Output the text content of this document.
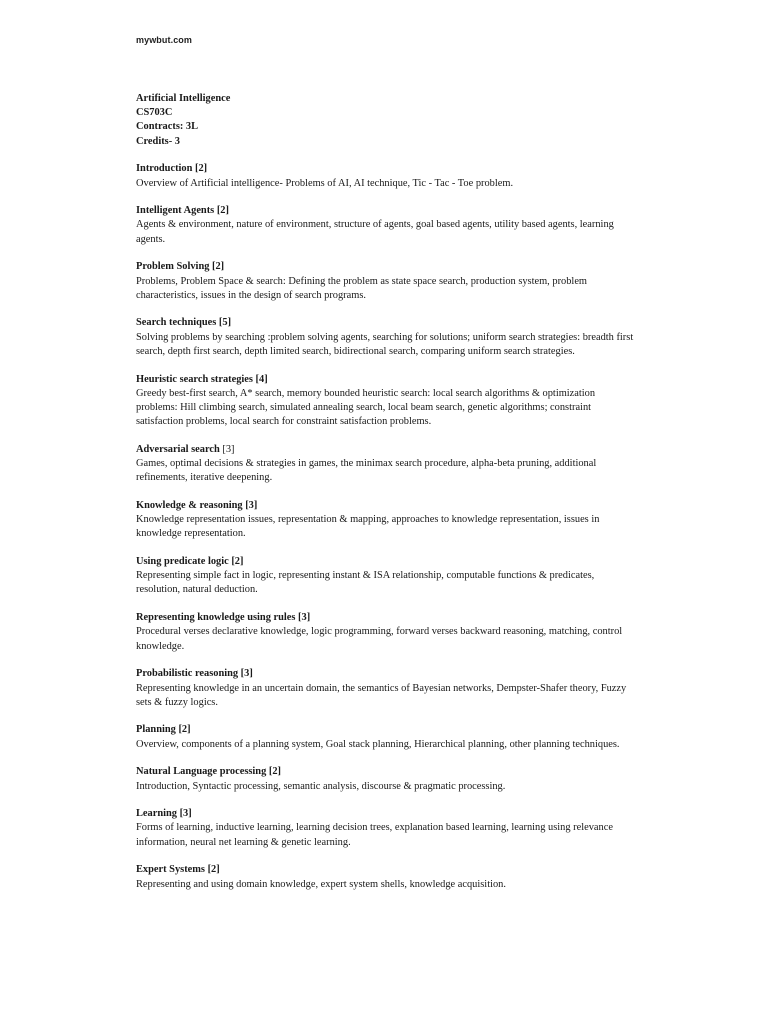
mywbut.com
Artificial Intelligence
CS703C
Contracts: 3L
Credits- 3
Introduction [2]
Overview of Artificial intelligence- Problems of AI, AI technique, Tic - Tac - Toe problem.
Intelligent Agents [2]
Agents & environment, nature of environment, structure of agents, goal based agents, utility based agents, learning agents.
Problem Solving [2]
Problems, Problem Space & search: Defining the problem as state space search, production system, problem characteristics, issues in the design of search programs.
Search techniques [5]
Solving problems by searching :problem solving agents, searching for solutions; uniform search strategies: breadth first search, depth first search, depth limited search, bidirectional search, comparing uniform search strategies.
Heuristic search strategies [4]
Greedy best-first search, A* search, memory bounded heuristic search: local search algorithms & optimization problems: Hill climbing search, simulated annealing search, local beam search, genetic algorithms; constraint satisfaction problems, local search for constraint satisfaction problems.
Adversarial search [3]
Games, optimal decisions & strategies in games, the minimax search procedure, alpha-beta pruning, additional refinements, iterative deepening.
Knowledge & reasoning [3]
Knowledge representation issues, representation & mapping, approaches to knowledge representation, issues in knowledge representation.
Using predicate logic [2]
Representing simple fact in logic, representing instant & ISA relationship, computable functions & predicates, resolution, natural deduction.
Representing knowledge using rules [3]
Procedural verses declarative knowledge, logic programming, forward verses backward reasoning, matching, control knowledge.
Probabilistic reasoning [3]
Representing knowledge in an uncertain domain, the semantics of Bayesian networks, Dempster-Shafer theory, Fuzzy sets & fuzzy logics.
Planning [2]
Overview, components of a planning system, Goal stack planning, Hierarchical planning, other planning techniques.
Natural Language processing [2]
Introduction, Syntactic processing, semantic analysis, discourse & pragmatic processing.
Learning [3]
Forms of learning, inductive learning, learning decision trees, explanation based learning, learning using relevance information, neural net learning & genetic learning.
Expert Systems [2]
Representing and using domain knowledge, expert system shells, knowledge acquisition.
